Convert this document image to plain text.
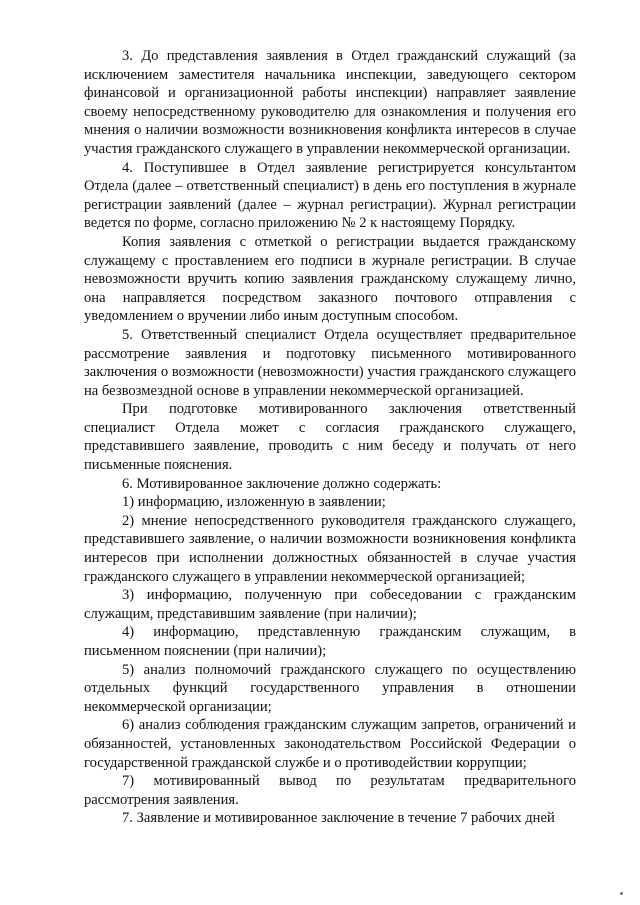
3. До представления заявления в Отдел гражданский служащий (за исключением заместителя начальника инспекции, заведующего сектором финансовой и организационной работы инспекции) направляет заявление своему непосредственному руководителю для ознакомления и получения его мнения о наличии возможности возникновения конфликта интересов в случае участия гражданского служащего в управлении некоммерческой организации.

4. Поступившее в Отдел заявление регистрируется консультантом Отдела (далее – ответственный специалист) в день его поступления в журнале регистрации заявлений (далее – журнал регистрации). Журнал регистрации ведется по форме, согласно приложению № 2 к настоящему Порядку.

Копия заявления с отметкой о регистрации выдается гражданскому служащему с проставлением его подписи в журнале регистрации. В случае невозможности вручить копию заявления гражданскому служащему лично, она направляется посредством заказного почтового отправления с уведомлением о вручении либо иным доступным способом.

5. Ответственный специалист Отдела осуществляет предварительное рассмотрение заявления и подготовку письменного мотивированного заключения о возможности (невозможности) участия гражданского служащего на безвозмездной основе в управлении некоммерческой организацией.

При подготовке мотивированного заключения ответственный специалист Отдела может с согласия гражданского служащего, представившего заявление, проводить с ним беседу и получать от него письменные пояснения.

6. Мотивированное заключение должно содержать:

1) информацию, изложенную в заявлении;

2) мнение непосредственного руководителя гражданского служащего, представившего заявление, о наличии возможности возникновения конфликта интересов при исполнении должностных обязанностей в случае участия гражданского служащего в управлении некоммерческой организацией;

3) информацию, полученную при собеседовании с гражданским служащим, представившим заявление (при наличии);

4) информацию, представленную гражданским служащим, в письменном пояснении (при наличии);

5) анализ полномочий гражданского служащего по осуществлению отдельных функций государственного управления в отношении некоммерческой организации;

6) анализ соблюдения гражданским служащим запретов, ограничений и обязанностей, установленных законодательством Российской Федерации о государственной гражданской службе и о противодействии коррупции;

7) мотивированный вывод по результатам предварительного рассмотрения заявления.

7. Заявление и мотивированное заключение в течение 7 рабочих дней
